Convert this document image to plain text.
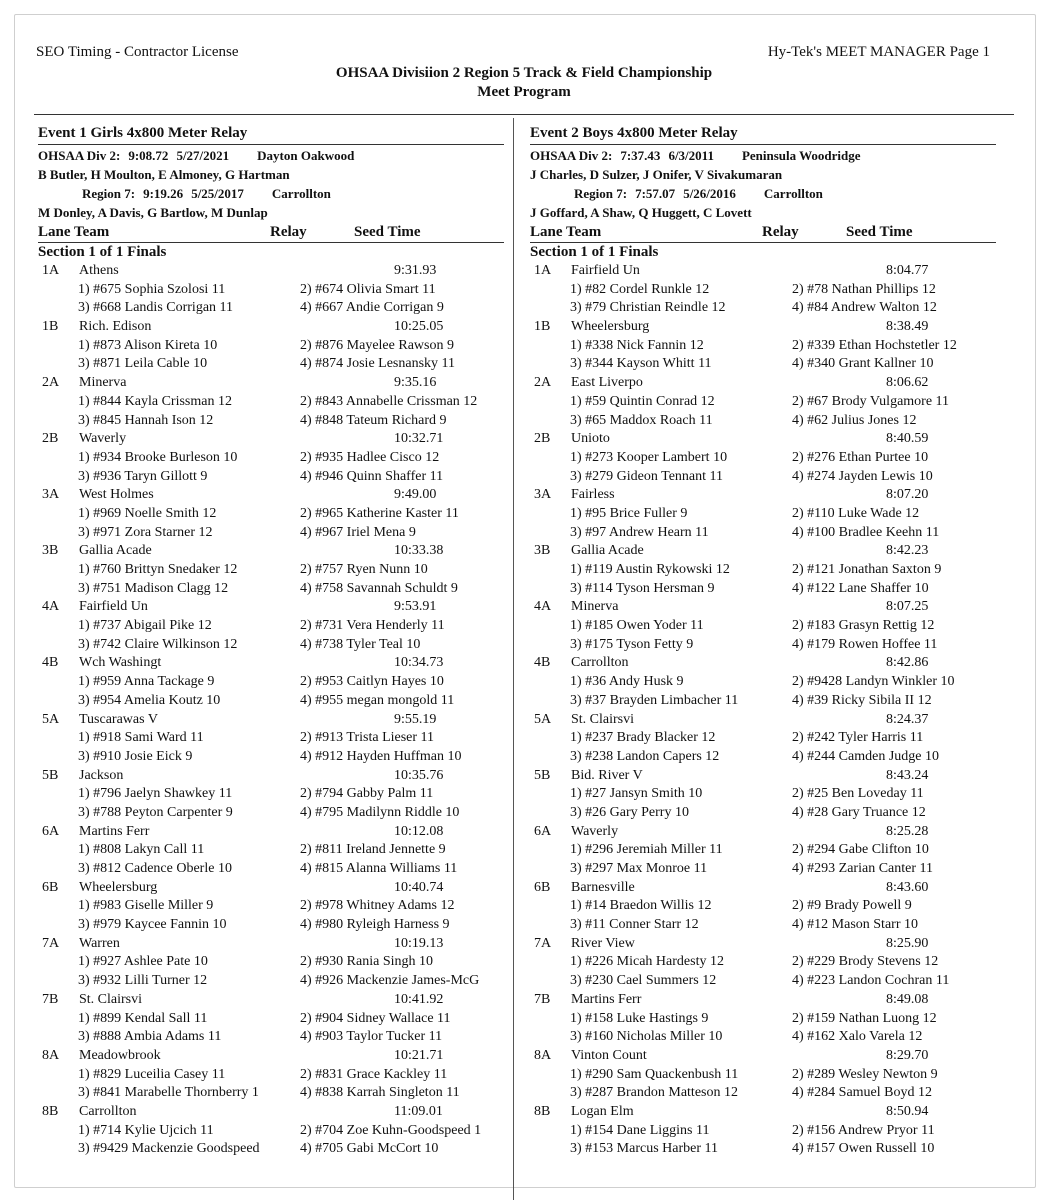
SEO Timing - Contractor License	Hy-Tek's MEET MANAGER Page 1
OHSAA Divisiion 2 Region 5 Track & Field Championship
Meet Program
Event 1 Girls 4x800 Meter Relay
OHSAA Div 2: 9:08.72 5/27/2021 Dayton Oakwood
B Butler, H Moulton, E Almoney, G Hartman
Region 7: 9:19.26 5/25/2017 Carrollton
M Donley, A Davis, G Bartlow, M Dunlap
Lane Team	Relay	Seed Time
Section 1 of 1 Finals
1A Athens	9:31.93
1) #675 Sophia Szolosi 11	2) #674 Olivia Smart 11
3) #668 Landis Corrigan 11	4) #667 Andie Corrigan 9
1B Rich. Edison	10:25.05
1) #873 Alison Kireta 10	2) #876 Mayelee Rawson 9
3) #871 Leila Cable 10	4) #874 Josie Lesnansky 11
2A Minerva	9:35.16
1) #844 Kayla Crissman 12	2) #843 Annabelle Crissman 12
3) #845 Hannah Ison 12	4) #848 Tateum Richard 9
2B Waverly	10:32.71
1) #934 Brooke Burleson 10	2) #935 Hadlee Cisco 12
3) #936 Taryn Gillott 9	4) #946 Quinn Shaffer 11
3A West Holmes	9:49.00
1) #969 Noelle Smith 12	2) #965 Katherine Kaster 11
3) #971 Zora Starner 12	4) #967 Iriel Mena 9
3B Gallia Acade	10:33.38
1) #760 Brittyn Snedaker 12	2) #757 Ryen Nunn 10
3) #751 Madison Clagg 12	4) #758 Savannah Schuldt 9
4A Fairfield Un	9:53.91
1) #737 Abigail Pike 12	2) #731 Vera Henderly 11
3) #742 Claire Wilkinson 12	4) #738 Tyler Teal 10
4B Wch Washingt	10:34.73
1) #959 Anna Tackage 9	2) #953 Caitlyn Hayes 10
3) #954 Amelia Koutz 10	4) #955 megan mongold 11
5A Tuscarawas V	9:55.19
1) #918 Sami Ward 11	2) #913 Trista Lieser 11
3) #910 Josie Eick 9	4) #912 Hayden Huffman 10
5B Jackson	10:35.76
1) #796 Jaelyn Shawkey 11	2) #794 Gabby Palm 11
3) #788 Peyton Carpenter 9	4) #795 Madilynn Riddle 10
6A Martins Ferr	10:12.08
1) #808 Lakyn Call 11	2) #811 Ireland Jennette 9
3) #812 Cadence Oberle 10	4) #815 Alanna Williams 11
6B Wheelersburg	10:40.74
1) #983 Giselle Miller 9	2) #978 Whitney Adams 12
3) #979 Kaycee Fannin 10	4) #980 Ryleigh Harness 9
7A Warren	10:19.13
1) #927 Ashlee Pate 10	2) #930 Rania Singh 10
3) #932 Lilli Turner 12	4) #926 Mackenzie James-McG
7B St. Clairsvi	10:41.92
1) #899 Kendal Sall 11	2) #904 Sidney Wallace 11
3) #888 Ambia Adams 11	4) #903 Taylor Tucker 11
8A Meadowbrook	10:21.71
1) #829 Luceilia Casey 11	2) #831 Grace Kackley 11
3) #841 Marabelle Thornberry 1	4) #838 Karrah Singleton 11
8B Carrollton	11:09.01
1) #714 Kylie Ujcich 11	2) #704 Zoe Kuhn-Goodspeed 1
3) #9429 Mackenzie Goodspeed	4) #705 Gabi McCort 10
Event 2 Boys 4x800 Meter Relay
OHSAA Div 2: 7:37.43 6/3/2011 Peninsula Woodridge
J Charles, D Sulzer, J Onifer, V Sivakumaran
Region 7: 7:57.07 5/26/2016 Carrollton
J Goffard, A Shaw, Q Huggett, C Lovett
Lane Team	Relay	Seed Time
Section 1 of 1 Finals
1A Fairfield Un	8:04.77
1) #82 Cordel Runkle 12	2) #78 Nathan Phillips 12
3) #79 Christian Reindle 12	4) #84 Andrew Walton 12
1B Wheelersburg	8:38.49
1) #338 Nick Fannin 12	2) #339 Ethan Hochstetler 12
3) #344 Kayson Whitt 11	4) #340 Grant Kallner 10
2A East Liverpo	8:06.62
1) #59 Quintin Conrad 12	2) #67 Brody Vulgamore 11
3) #65 Maddox Roach 11	4) #62 Julius Jones 12
2B Unioto	8:40.59
1) #273 Kooper Lambert 10	2) #276 Ethan Purtee 10
3) #279 Gideon Tennant 11	4) #274 Jayden Lewis 10
3A Fairless	8:07.20
1) #95 Brice Fuller 9	2) #110 Luke Wade 12
3) #97 Andrew Hearn 11	4) #100 Bradlee Keehn 11
3B Gallia Acade	8:42.23
1) #119 Austin Rykowski 12	2) #121 Jonathan Saxton 9
3) #114 Tyson Hersman 9	4) #122 Lane Shaffer 10
4A Minerva	8:07.25
1) #185 Owen Yoder 11	2) #183 Grasyn Rettig 12
3) #175 Tyson Fetty 9	4) #179 Rowen Hoffee 11
4B Carrollton	8:42.86
1) #36 Andy Husk 9	2) #9428 Landyn Winkler 10
3) #37 Brayden Limbacher 11	4) #39 Ricky Sibila II 12
5A St. Clairsvi	8:24.37
1) #237 Brady Blacker 12	2) #242 Tyler Harris 11
3) #238 Landon Capers 12	4) #244 Camden Judge 10
5B Bid. River V	8:43.24
1) #27 Jansyn Smith 10	2) #25 Ben Loveday 11
3) #26 Gary Perry 10	4) #28 Gary Truance 12
6A Waverly	8:25.28
1) #296 Jeremiah Miller 11	2) #294 Gabe Clifton 10
3) #297 Max Monroe 11	4) #293 Zarian Canter 11
6B Barnesville	8:43.60
1) #14 Braedon Willis 12	2) #9 Brady Powell 9
3) #11 Conner Starr 12	4) #12 Mason Starr 10
7A River View	8:25.90
1) #226 Micah Hardesty 12	2) #229 Brody Stevens 12
3) #230 Cael Summers 12	4) #223 Landon Cochran 11
7B Martins Ferr	8:49.08
1) #158 Luke Hastings 9	2) #159 Nathan Luong 12
3) #160 Nicholas Miller 10	4) #162 Xalo Varela 12
8A Vinton Count	8:29.70
1) #290 Sam Quackenbush 11	2) #289 Wesley Newton 9
3) #287 Brandon Matteson 12	4) #284 Samuel Boyd 12
8B Logan Elm	8:50.94
1) #154 Dane Liggins 11	2) #156 Andrew Pryor 11
3) #153 Marcus Harber 11	4) #157 Owen Russell 10
